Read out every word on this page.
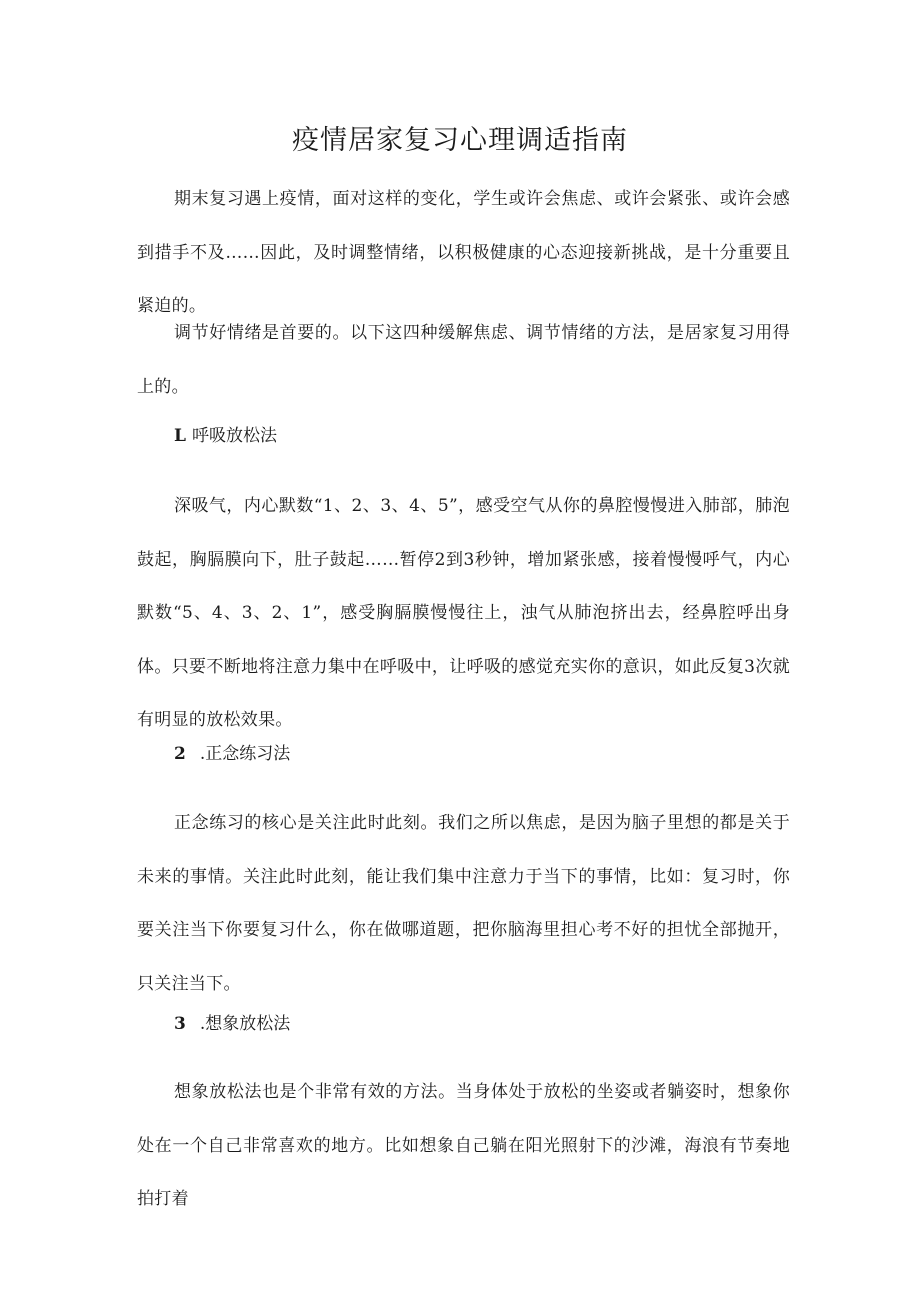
疫情居家复习心理调适指南

期末复习遇上疫情，面对这样的变化，学生或许会焦虑、或许会紧张、或许会感到措手不及……因此，及时调整情绪，以积极健康的心态迎接新挑战，是十分重要且紧迫的。

调节好情绪是首要的。以下这四种缓解焦虑、调节情绪的方法，是居家复习用得上的。

L 呼吸放松法

深吸气，内心默数“1、2、3、4、5”，感受空气从你的鼻腔慢慢进入肺部，肺泡鼓起，胸膈膜向下，肚子鼓起……暂停2到3秒钟，增加紧张感，接着慢慢呼气，内心默数“5、4、3、2、1”，感受胸膈膜慢慢往上，浊气从肺泡挤出去，经鼻腔呼出身体。只要不断地将注意力集中在呼吸中，让呼吸的感觉充实你的意识，如此反复3次就有明显的放松效果。

2 .正念练习法

正念练习的核心是关注此时此刻。我们之所以焦虑，是因为脑子里想的都是关于未来的事情。关注此时此刻，能让我们集中注意力于当下的事情，比如：复习时，你要关注当下你要复习什么，你在做哪道题，把你脑海里担心考不好的担忧全部抛开，只关注当下。

3 .想象放松法

想象放松法也是个非常有效的方法。当身体处于放松的坐姿或者躺姿时，想象你处在一个自己非常喜欢的地方。比如想象自己躺在阳光照射下的沙滩，海浪有节奏地拍打着
